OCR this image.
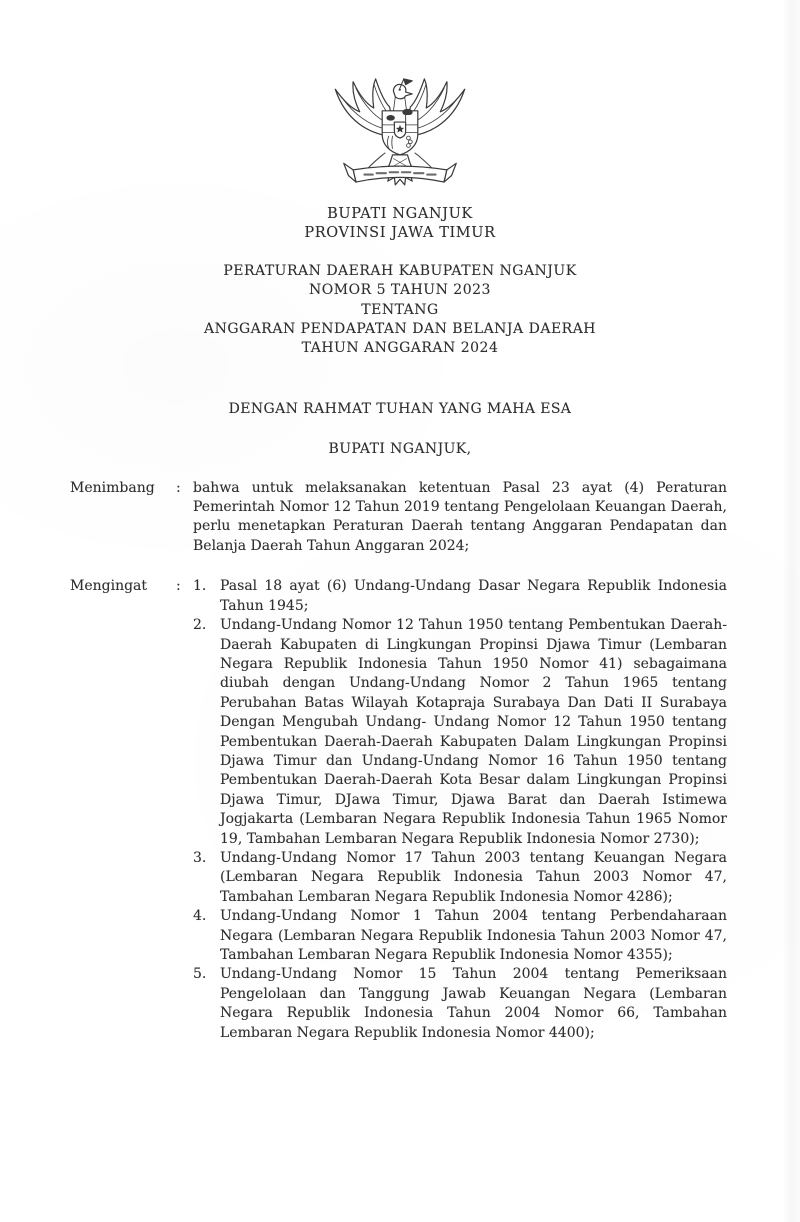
BUPATI NGANJUK
PROVINSI JAWA TIMUR
PERATURAN DAERAH KABUPATEN NGANJUK
NOMOR 5 TAHUN 2023
TENTANG
ANGGARAN PENDAPATAN DAN BELANJA DAERAH
TAHUN ANGGARAN 2024
DENGAN RAHMAT TUHAN YANG MAHA ESA
BUPATI NGANJUK,
Menimbang	: bahwa untuk melaksanakan ketentuan Pasal 23 ayat (4) Peraturan Pemerintah Nomor 12 Tahun 2019 tentang Pengelolaan Keuangan Daerah, perlu menetapkan Peraturan Daerah tentang Anggaran Pendapatan dan Belanja Daerah Tahun Anggaran 2024;
Mengingat	: 1. Pasal 18 ayat (6) Undang-Undang Dasar Negara Republik Indonesia Tahun 1945;
2. Undang-Undang Nomor 12 Tahun 1950 tentang Pembentukan Daerah- Daerah Kabupaten di Lingkungan Propinsi Djawa Timur (Lembaran Negara Republik Indonesia Tahun 1950 Nomor 41) sebagaimana diubah dengan Undang-Undang Nomor 2 Tahun 1965 tentang Perubahan Batas Wilayah Kotapraja Surabaya Dan Dati II Surabaya Dengan Mengubah Undang- Undang Nomor 12 Tahun 1950 tentang Pembentukan Daerah-Daerah Kabupaten Dalam Lingkungan Propinsi Djawa Timur dan Undang-Undang Nomor 16 Tahun 1950 tentang Pembentukan Daerah-Daerah Kota Besar dalam Lingkungan Propinsi Djawa Timur, DJawa Timur, Djawa Barat dan Daerah Istimewa Jogjakarta (Lembaran Negara Republik Indonesia Tahun 1965 Nomor 19, Tambahan Lembaran Negara Republik Indonesia Nomor 2730);
3. Undang-Undang Nomor 17 Tahun 2003 tentang Keuangan Negara (Lembaran Negara Republik Indonesia Tahun 2003 Nomor 47, Tambahan Lembaran Negara Republik Indonesia Nomor 4286);
4. Undang-Undang Nomor 1 Tahun 2004 tentang Perbendaharaan Negara (Lembaran Negara Republik Indonesia Tahun 2003 Nomor 47, Tambahan Lembaran Negara Republik Indonesia Nomor 4355);
5. Undang-Undang Nomor 15 Tahun 2004 tentang Pemeriksaan Pengelolaan dan Tanggung Jawab Keuangan Negara (Lembaran Negara Republik Indonesia Tahun 2004 Nomor 66, Tambahan Lembaran Negara Republik Indonesia Nomor 4400);
